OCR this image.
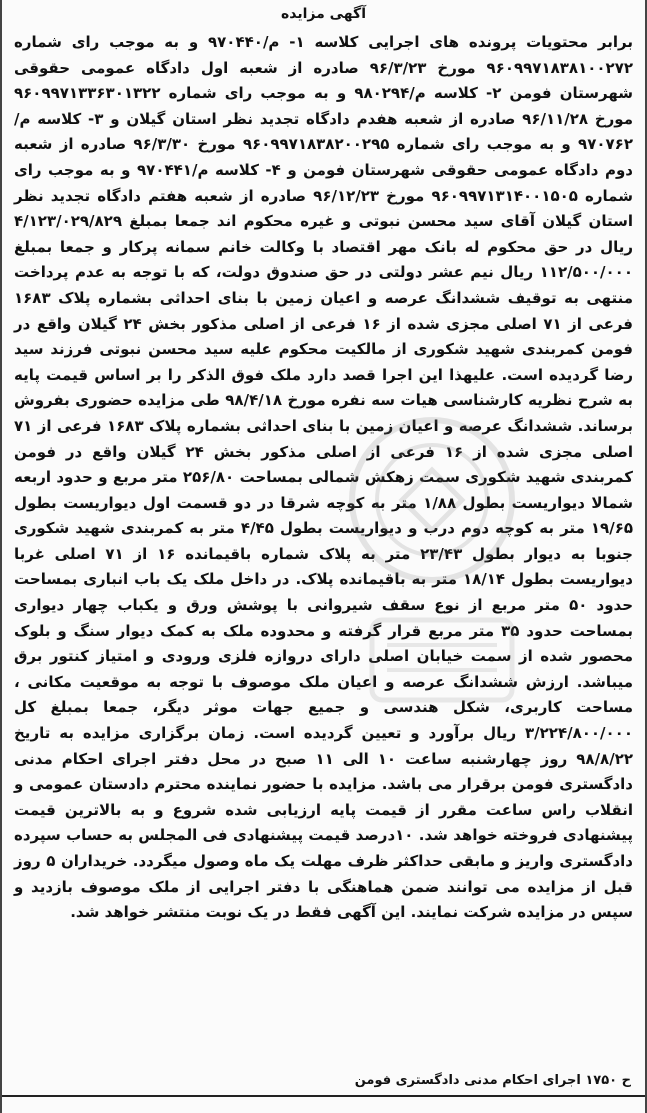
آگهی مزایده

برابر محتویات پرونده های اجرایی کلاسه ۱- م/۹۷۰۴۴۰ و به موجب رای شماره ۹۶۰۹۹۷۱۸۳۸۱۰۰۲۷۲ مورخ ۹۶/۳/۲۳ صادره از شعبه اول دادگاه عمومی حقوقی شهرستان فومن ۲- کلاسه م/۹۸۰۲۹۴ و به موجب رای شماره ۹۶۰۹۹۷۱۳۳۶۳۰۱۳۲۲ مورخ ۹۶/۱۱/۲۸ صادره از شعبه هفدم دادگاه تجدید نظر استان گیلان و ۳- کلاسه م/۹۷۰۷۶۲ و به موجب رای شماره ۹۶۰۹۹۷۱۸۳۸۲۰۰۲۹۵ مورخ ۹۶/۳/۳۰ صادره از شعبه دوم دادگاه عمومی حقوقی شهرستان فومن و ۴- کلاسه م/۹۷۰۴۴۱ و به موجب رای شماره ۹۶۰۹۹۷۱۳۱۴۰۰۱۵۰۵ مورخ ۹۶/۱۲/۲۳ صادره از شعبه هفتم دادگاه تجدید نظر استان گیلان آقای سید محسن نبوتی و غیره محکوم اند جمعا بمبلغ ۴/۱۲۳/۰۲۹/۸۲۹ ریال در حق محکوم له بانک مهر اقتصاد با وکالت خانم سمانه پرکار و جمعا بمبلغ ۱۱۲/۵۰۰/۰۰۰ ریال نیم عشر دولتی در حق صندوق دولت، که با توجه به عدم پرداخت منتهی به توقیف ششدانگ عرصه و اعیان زمین با بنای احداثی بشماره پلاک ۱۶۸۳ فرعی از ۷۱ اصلی مجزی شده از ۱۶ فرعی از اصلی مذکور بخش ۲۴ گیلان واقع در فومن کمربندی شهید شکوری از مالکیت محکوم علیه سید محسن نبوتی فرزند سید رضا گردیده است. علیهذا این اجرا قصد دارد ملک فوق الذکر را بر اساس قیمت پایه به شرح نظریه کارشناسی هیات سه نفره مورخ ۹۸/۴/۱۸ طی مزایده حضوری بفروش برساند. ششدانگ عرصه و اعیان زمین با بنای احداثی بشماره پلاک ۱۶۸۳ فرعی از ۷۱ اصلی مجزی شده از ۱۶ فرعی از اصلی مذکور بخش ۲۴ گیلان واقع در فومن کمربندی شهید شکوری سمت زهکش شمالی بمساحت ۲۵۶/۸۰ متر مربع و حدود اربعه شمالا دیواریست بطول ۱/۸۸ متر به کوچه شرقا در دو قسمت اول دیواریست بطول ۱۹/۶۵ متر به کوچه دوم درب و دیواریست بطول ۴/۴۵ متر به کمربندی شهید شکوری جنوبا به دیوار بطول ۲۳/۴۳ متر به پلاک شماره باقیمانده ۱۶ از ۷۱ اصلی غربا دیواریست بطول ۱۸/۱۴ متر به باقیمانده پلاک. در داخل ملک یک باب انباری بمساحت حدود ۵۰ متر مربع از نوع سقف شیروانی با پوشش ورق و یکباب چهار دیواری بمساحت حدود ۳۵ متر مربع قرار گرفته و محدوده ملک به کمک دیوار سنگ و بلوک محصور شده از سمت خیابان اصلی دارای دروازه فلزی ورودی و امتیاز کنتور برق میباشد. ارزش ششدانگ عرصه و اعیان ملک موصوف با توجه به موقعیت مکانی ، مساحت کاربری، شکل هندسی و جمیع جهات موثر دیگر، جمعا بمبلغ کل ۳/۲۲۴/۸۰۰/۰۰۰ ریال برآورد و تعیین گردیده است. زمان برگزاری مزایده به تاریخ ۹۸/۸/۲۲ روز چهارشنبه ساعت ۱۰ الی ۱۱ صبح در محل دفتر اجرای احکام مدنی دادگستری فومن برقرار می باشد. مزایده با حضور نماینده محترم دادستان عمومی و انقلاب راس ساعت مقرر از قیمت پایه ارزیابی شده شروع و به بالاترین قیمت پیشنهادی فروخته خواهد شد. ۱۰درصد قیمت پیشنهادی فی المجلس به حساب سپرده دادگستری واریز و مابقی حداکثر ظرف مهلت یک ماه وصول میگردد. خریداران ۵ روز قبل از مزایده می توانند ضمن هماهنگی با دفتر اجرایی از ملک موصوف بازدید و سپس در مزایده شرکت نمایند. این آگهی فقط در یک نوبت منتشر خواهد شد.

ح ۱۷۵۰ اجرای احکام مدنی دادگستری فومن
